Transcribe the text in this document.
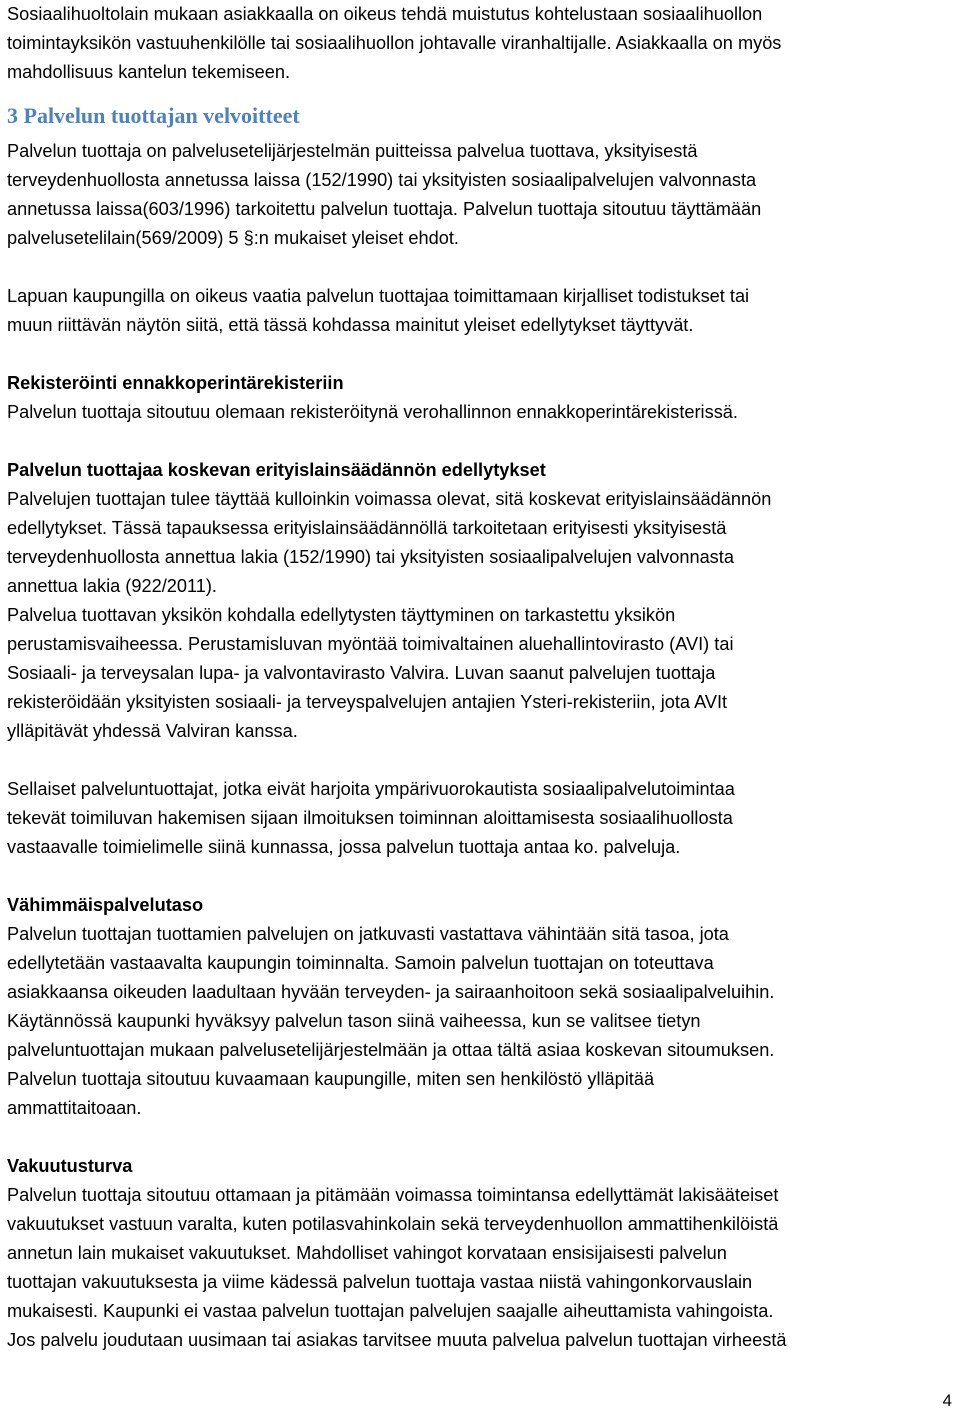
Sosiaalihuoltolain mukaan asiakkaalla on oikeus tehdä muistutus kohtelustaan sosiaalihuollon
toimintayksikön vastuuhenkilölle tai sosiaalihuollon johtavalle viranhaltijalle. Asiakkaalla on myös
mahdollisuus kantelun tekemiseen.
3 Palvelun tuottajan velvoitteet
Palvelun tuottaja on palvelusetelijärjestelmän puitteissa palvelua tuottava, yksityisestä
terveydenhuollosta annetussa laissa (152/1990) tai yksityisten sosiaalipalvelujen valvonnasta
annetussa laissa(603/1996) tarkoitettu palvelun tuottaja. Palvelun tuottaja sitoutuu täyttämään
palvelusetelilain(569/2009) 5 §:n mukaiset yleiset ehdot.
Lapuan kaupungilla on oikeus vaatia palvelun tuottajaa toimittamaan kirjalliset todistukset tai
muun riittävän näytön siitä, että tässä kohdassa mainitut yleiset edellytykset täyttyvät.
Rekisteröinti ennakkoperintärekisteriin
Palvelun tuottaja sitoutuu olemaan rekisteröitynä verohallinnon ennakkoperintärekisterissä.
Palvelun tuottajaa koskevan erityislainsäädännön edellytykset
Palvelujen tuottajan tulee täyttää kulloinkin voimassa olevat, sitä koskevat erityislainsäädännön
edellytykset. Tässä tapauksessa erityislainsäädännöllä tarkoitetaan erityisesti yksityisestä
terveydenhuollosta annettua lakia (152/1990) tai yksityisten sosiaalipalvelujen valvonnasta
annettua lakia (922/2011).
Palvelua tuottavan yksikön kohdalla edellytysten täyttyminen on tarkastettu yksikön
perustamisvaiheessa. Perustamisluvan myöntää toimivaltainen aluehallintovirasto (AVI) tai
Sosiaali- ja terveysalan lupa- ja valvontavirasto Valvira. Luvan saanut palvelujen tuottaja
rekisteröidään yksityisten sosiaali- ja terveyspalvelujen antajien Ysteri-rekisteriin, jota AVIt
ylläpitävät yhdessä Valviran kanssa.
Sellaiset palveluntuottajat, jotka eivät harjoita ympärivuorokautista sosiaalipalvelutoimintaa
tekevät toimiluvan hakemisen sijaan ilmoituksen toiminnan aloittamisesta sosiaalihuollosta
vastaavalle toimielimelle siinä kunnassa, jossa palvelun tuottaja antaa ko. palveluja.
Vähimmäispalvelutaso
Palvelun tuottajan tuottamien palvelujen on jatkuvasti vastattava vähintään sitä tasoa, jota
edellytetään vastaavalta kaupungin toiminnalta. Samoin palvelun tuottajan on toteuttava
asiakkaansa oikeuden laadultaan hyvään terveyden- ja sairaanhoitoon sekä sosiaalipalveluihin.
Käytännössä kaupunki hyväksyy palvelun tason siinä vaiheessa, kun se valitsee tietyn
palveluntuottajan mukaan palvelusetelijärjestelmään ja ottaa tältä asiaa koskevan sitoumuksen.
Palvelun tuottaja sitoutuu kuvaamaan kaupungille, miten sen henkilöstö ylläpitää
ammattitaitoaan.
Vakuutusturva
Palvelun tuottaja sitoutuu ottamaan ja pitämään voimassa toimintansa edellyttämät lakisääteiset
vakuutukset vastuun varalta, kuten potilasvahinkolain sekä terveydenhuollon ammattihenkilöistä
annetun lain mukaiset vakuutukset. Mahdolliset vahingot korvataan ensisijaisesti palvelun
tuottajan vakuutuksesta ja viime kädessä palvelun tuottaja vastaa niistä vahingonkorvauslain
mukaisesti. Kaupunki ei vastaa palvelun tuottajan palvelujen saajalle aiheuttamista vahingoista.
Jos palvelu joudutaan uusimaan tai asiakas tarvitsee muuta palvelua palvelun tuottajan virheestä
4
